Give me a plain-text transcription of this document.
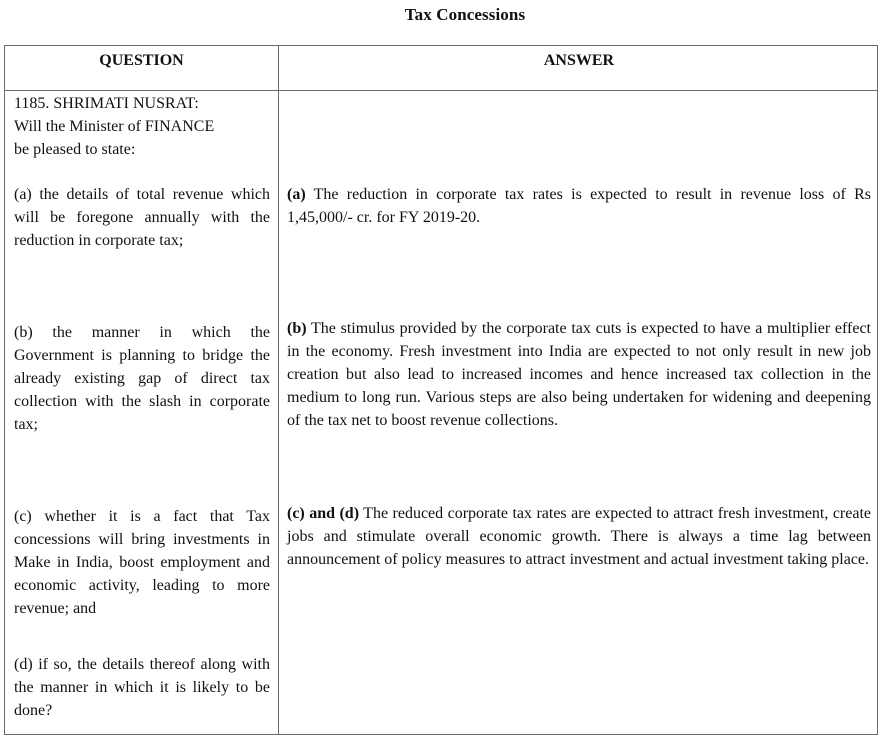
Tax Concessions
QUESTION	ANSWER
1185. SHRIMATI NUSRAT:
Will the Minister of FINANCE
be pleased to state:
(a) the details of total revenue which will be foregone annually with the reduction in corporate tax;
(b) the manner in which the Government is planning to bridge the already existing gap of direct tax collection with the slash in corporate tax;
(c) whether it is a fact that Tax concessions will bring investments in Make in India, boost employment and economic activity, leading to more revenue; and
(d) if so, the details thereof along with the manner in which it is likely to be done?
(a) The reduction in corporate tax rates is expected to result in revenue loss of Rs 1,45,000/- cr. for FY 2019-20.
(b) The stimulus provided by the corporate tax cuts is expected to have a multiplier effect in the economy. Fresh investment into India are expected to not only result in new job creation but also lead to increased incomes and hence increased tax collection in the medium to long run. Various steps are also being undertaken for widening and deepening of the tax net to boost revenue collections.
(c) and (d) The reduced corporate tax rates are expected to attract fresh investment, create jobs and stimulate overall economic growth. There is always a time lag between announcement of policy measures to attract investment and actual investment taking place.
